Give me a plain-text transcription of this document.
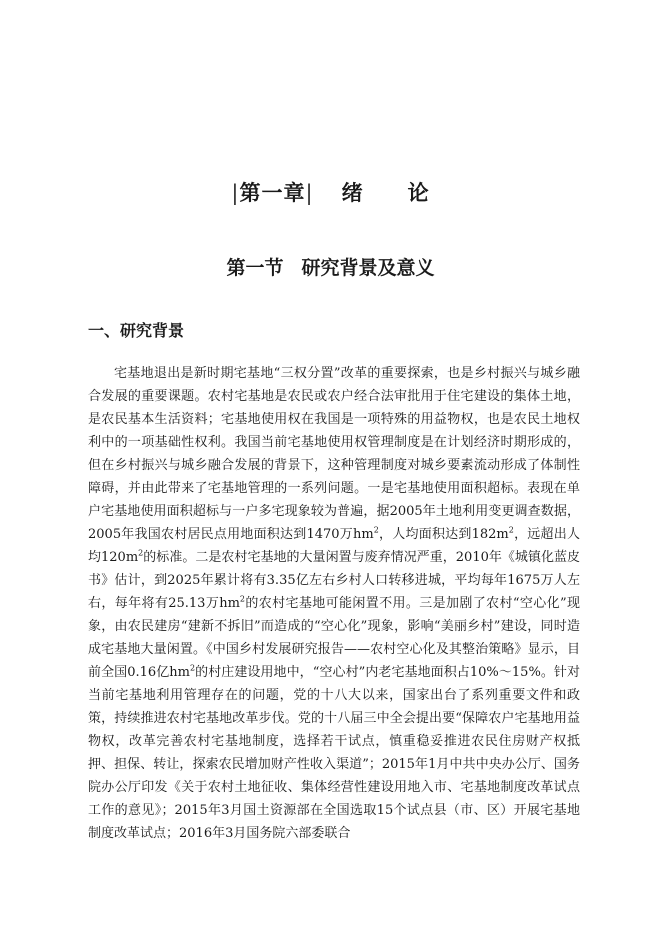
|第一章| 绪　　论
第一节 研究背景及意义
一、研究背景

宅基地退出是新时期宅基地“三权分置”改革的重要探索，也是乡村振兴与城乡融合发展的重要课题。农村宅基地是农民或农户经合法审批用于住宅建设的集体土地，是农民基本生活资料；宅基地使用权在我国是一项特殊的用益物权，也是农民土地权利中的一项基础性权利。我国当前宅基地使用权管理制度是在计划经济时期形成的，但在乡村振兴与城乡融合发展的背景下，这种管理制度对城乡要素流动形成了体制性障碍，并由此带来了宅基地管理的一系列问题。一是宅基地使用面积超标。表现在单户宅基地使用面积超标与一户多宅现象较为普遍，据2005年土地利用变更调查数据，2005年我国农村居民点用地面积达到1470万$hm^2$，人均面积达到$182m^2$，远超出人均$120m^2$的标准。二是农村宅基地的大量闲置与废弃情况严重，2010年《城镇化蓝皮书》估计，到2025年累计将有3.35亿左右乡村人口转移进城，平均每年1675万人左右，每年将有25.13万$hm^2$的农村宅基地可能闲置不用。三是加剧了农村“空心化”现象，由农民建房“建新不拆旧”而造成的“空心化”现象，影响“美丽乡村”建设，同时造成宅基地大量闲置。《中国乡村发展研究报告——农村空心化及其整治策略》显示，目前全国0.16亿$hm^2$的村庄建设用地中，“空心村”内老宅基地面积占10%～15%。针对当前宅基地利用管理存在的问题，党的十八大以来，国家出台了系列重要文件和政策，持续推进农村宅基地改革步伐。党的十八届三中全会提出要“保障农户宅基地用益物权，改革完善农村宅基地制度，选择若干试点，慎重稳妥推进农民住房财产权抵押、担保、转让，探索农民增加财产性收入渠道”；2015年1月中共中央办公厅、国务院办公厅印发《关于农村土地征收、集体经营性建设用地入市、宅基地制度改革试点工作的意见》；2015年3月国土资源部在全国选取15个试点县（市、区）开展宅基地制度改革试点；2016年3月国务院六部委联合
